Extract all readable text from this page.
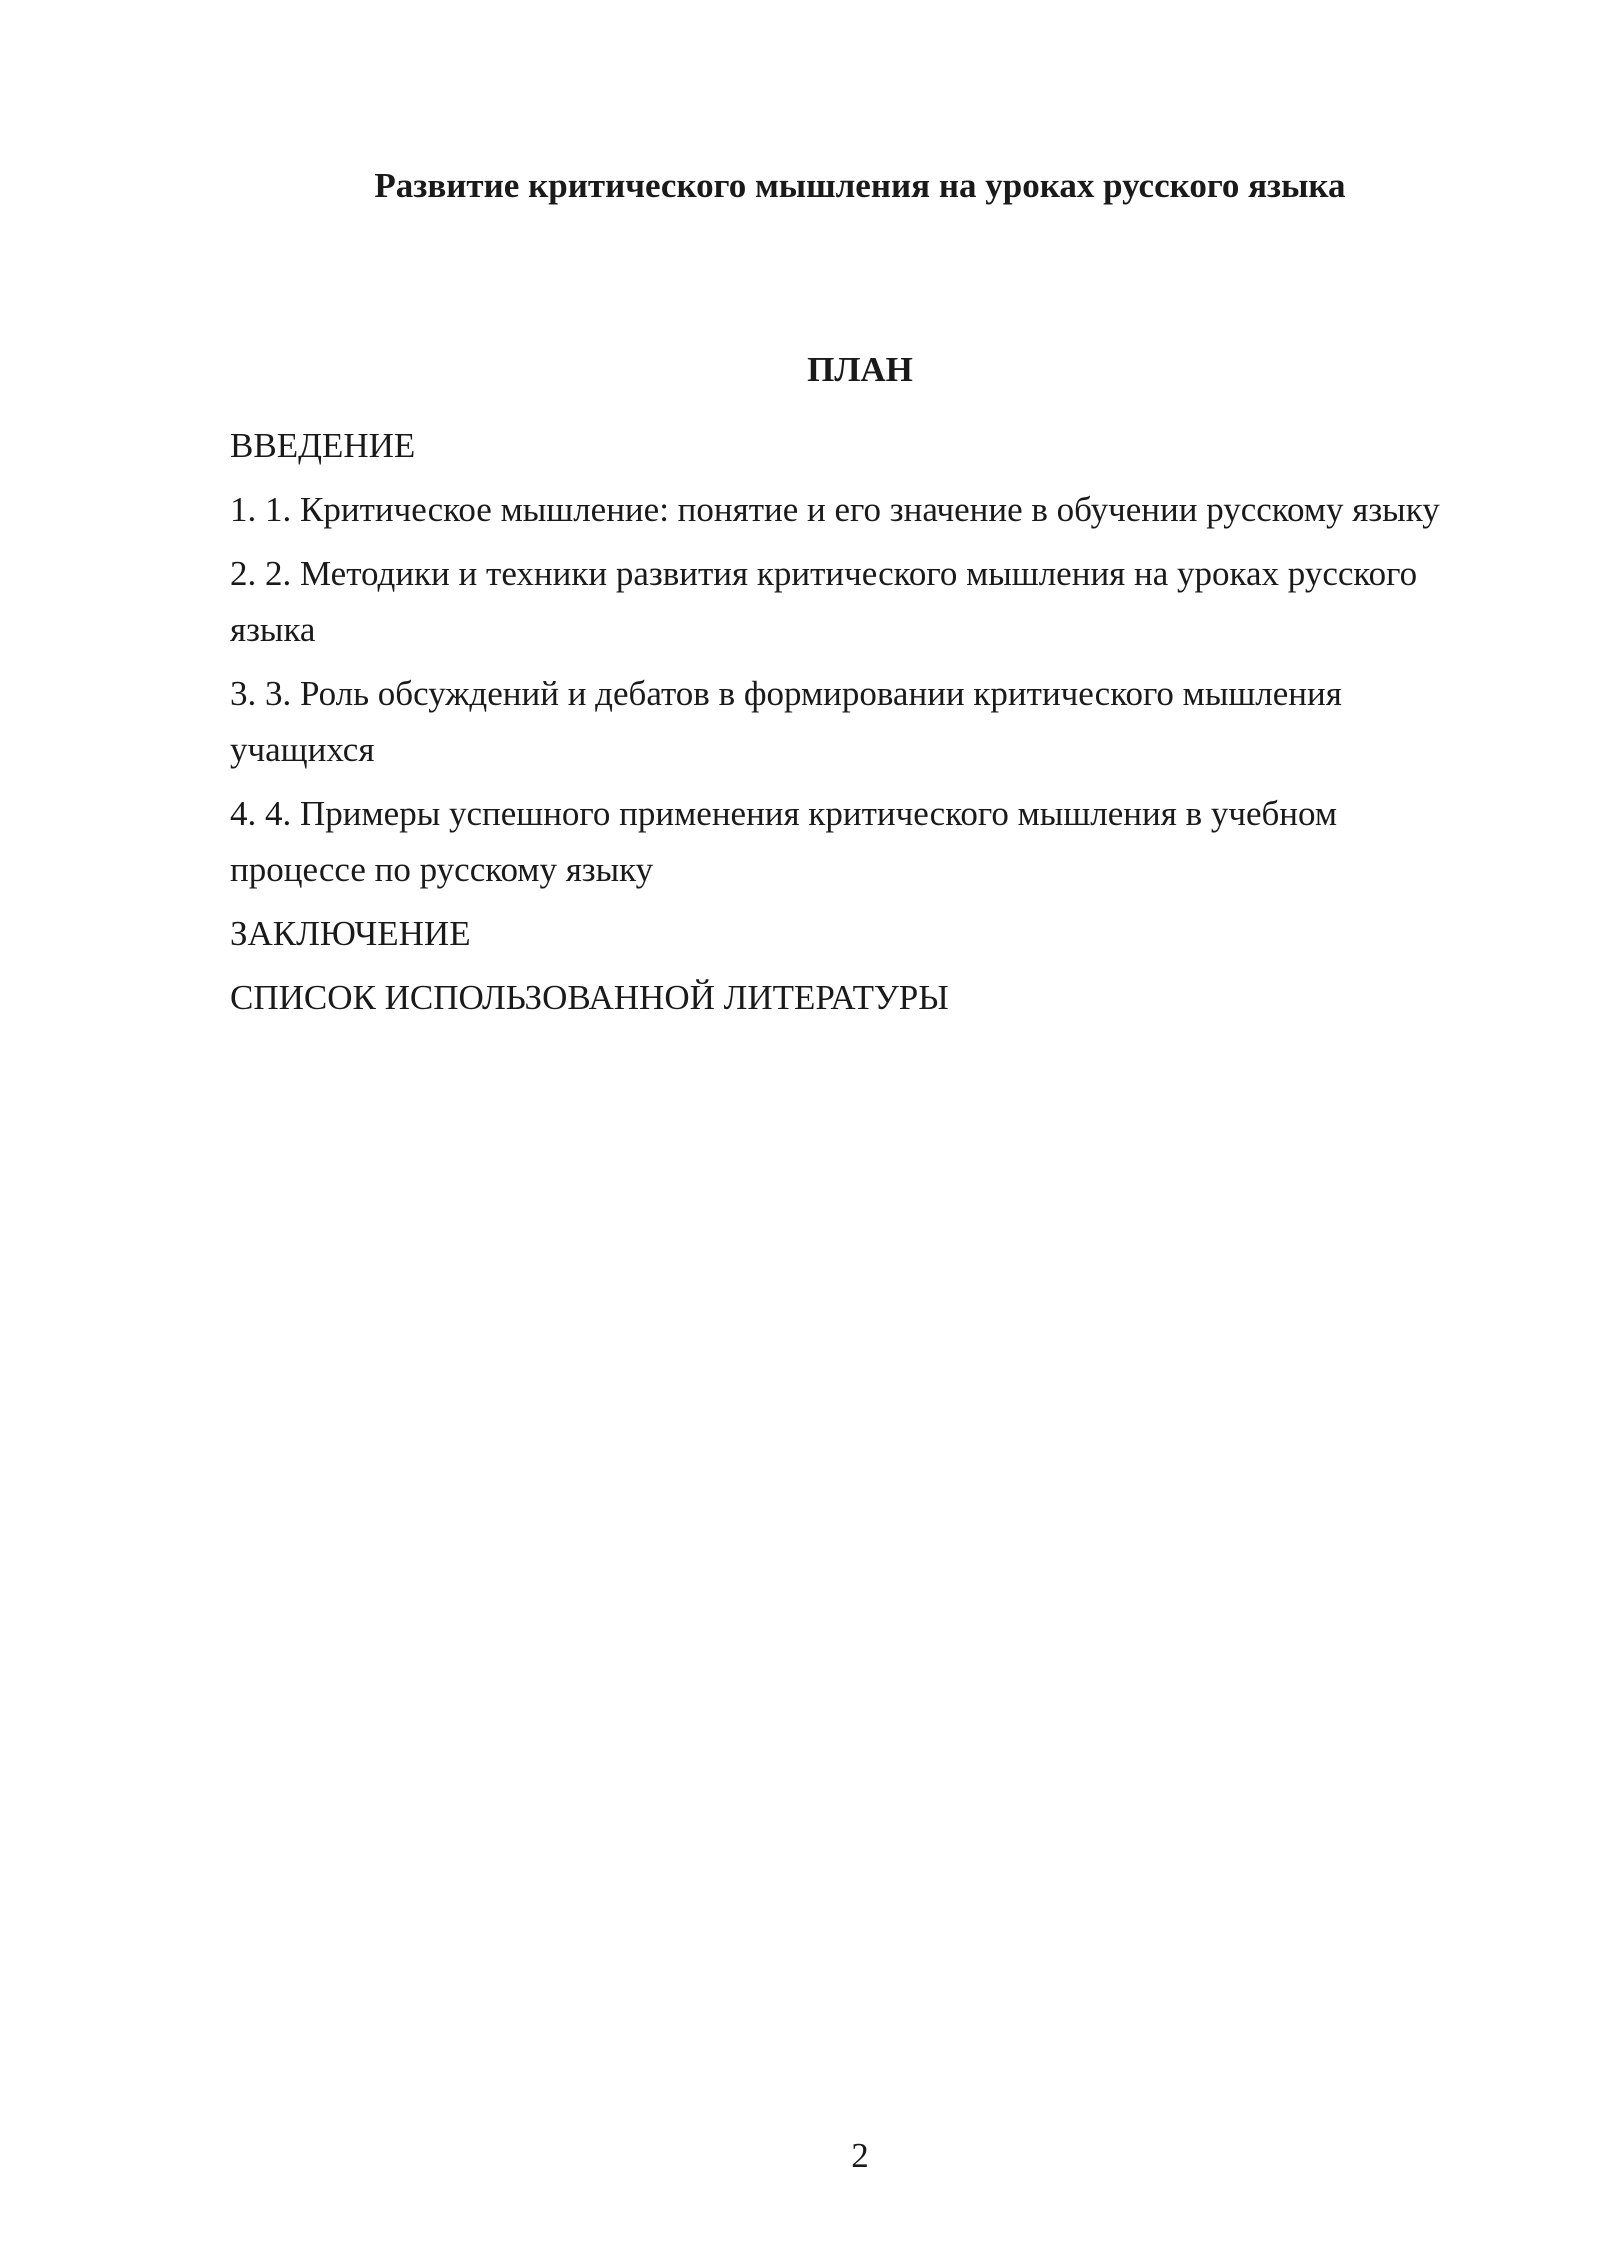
Развитие критического мышления на уроках русского языка
ПЛАН
ВВЕДЕНИЕ
1. 1. Критическое мышление: понятие и его значение в обучении русскому языку
2. 2. Методики и техники развития критического мышления на уроках русского языка
3. 3. Роль обсуждений и дебатов в формировании критического мышления учащихся
4. 4. Примеры успешного применения критического мышления в учебном процессе по русскому языку
ЗАКЛЮЧЕНИЕ
СПИСОК ИСПОЛЬЗОВАННОЙ ЛИТЕРАТУРЫ
2
